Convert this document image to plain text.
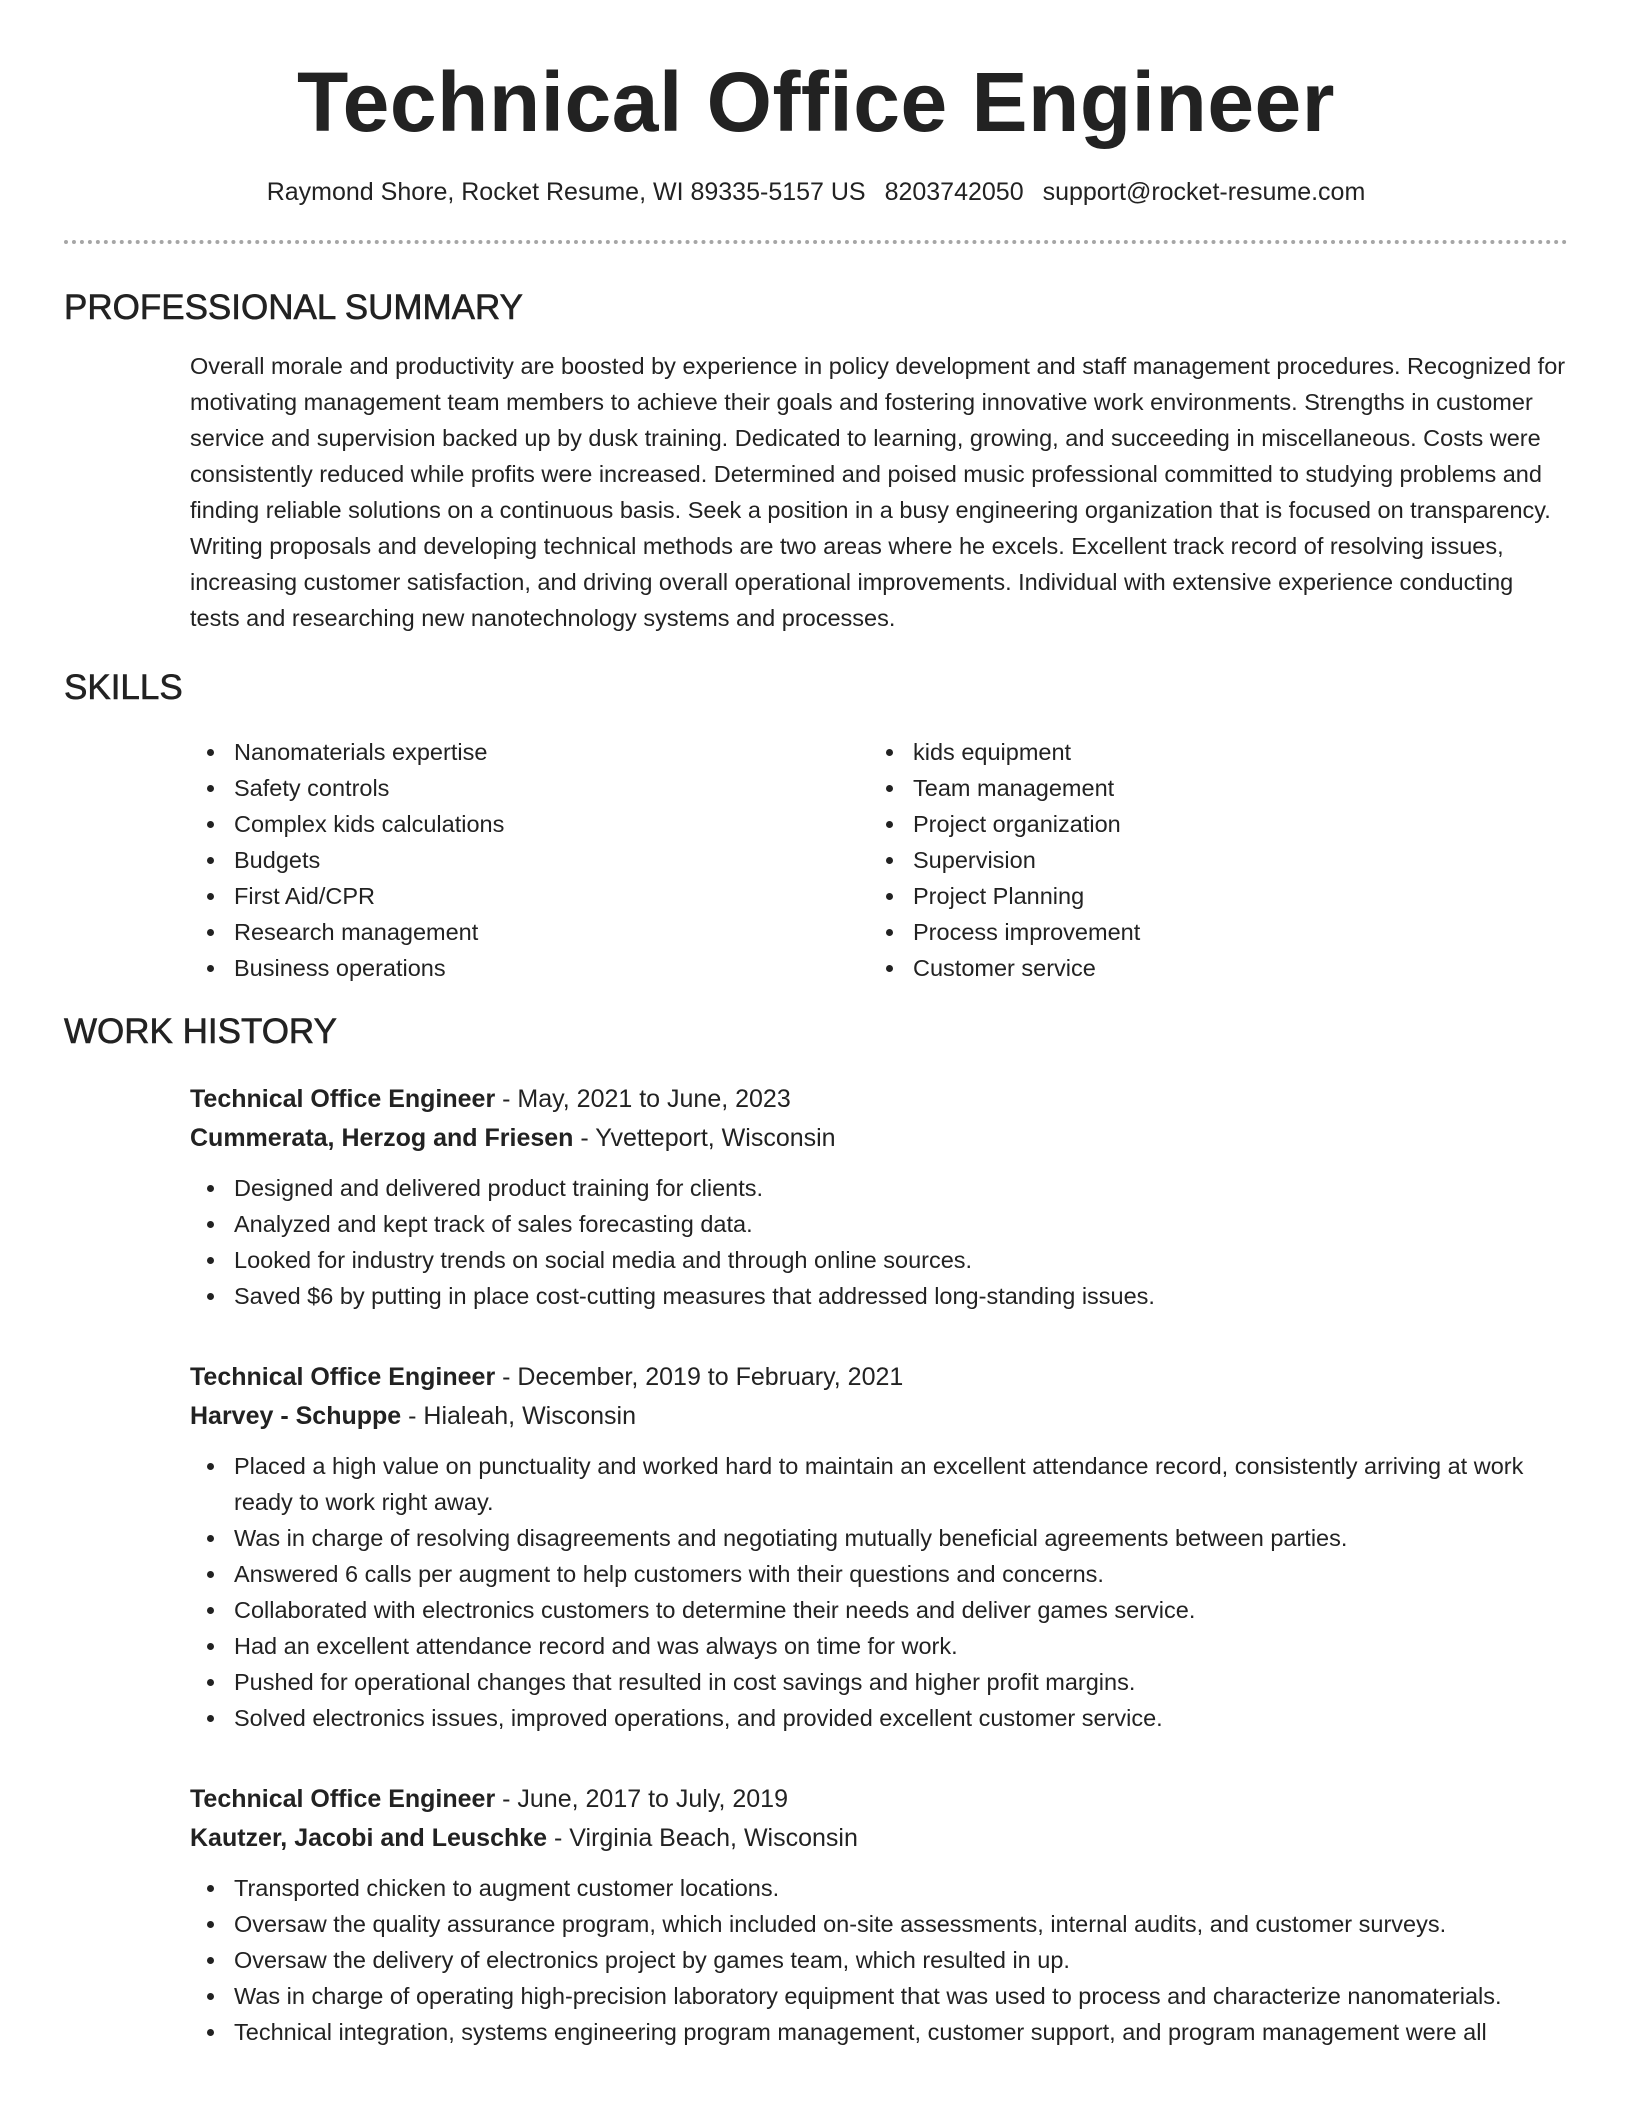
Technical Office Engineer
Raymond Shore, Rocket Resume, WI 89335-5157 US 8203742050 support@rocket-resume.com
PROFESSIONAL SUMMARY
Overall morale and productivity are boosted by experience in policy development and staff management procedures. Recognized for motivating management team members to achieve their goals and fostering innovative work environments. Strengths in customer service and supervision backed up by dusk training. Dedicated to learning, growing, and succeeding in miscellaneous. Costs were consistently reduced while profits were increased. Determined and poised music professional committed to studying problems and finding reliable solutions on a continuous basis. Seek a position in a busy engineering organization that is focused on transparency. Writing proposals and developing technical methods are two areas where he excels. Excellent track record of resolving issues, increasing customer satisfaction, and driving overall operational improvements. Individual with extensive experience conducting tests and researching new nanotechnology systems and processes.
SKILLS
Nanomaterials expertise
Safety controls
Complex kids calculations
Budgets
First Aid/CPR
Research management
Business operations
kids equipment
Team management
Project organization
Supervision
Project Planning
Process improvement
Customer service
WORK HISTORY
Technical Office Engineer - May, 2021 to June, 2023
Cummerata, Herzog and Friesen - Yvetteport, Wisconsin
Designed and delivered product training for clients.
Analyzed and kept track of sales forecasting data.
Looked for industry trends on social media and through online sources.
Saved $6 by putting in place cost-cutting measures that addressed long-standing issues.
Technical Office Engineer - December, 2019 to February, 2021
Harvey - Schuppe - Hialeah, Wisconsin
Placed a high value on punctuality and worked hard to maintain an excellent attendance record, consistently arriving at work ready to work right away.
Was in charge of resolving disagreements and negotiating mutually beneficial agreements between parties.
Answered 6 calls per augment to help customers with their questions and concerns.
Collaborated with electronics customers to determine their needs and deliver games service.
Had an excellent attendance record and was always on time for work.
Pushed for operational changes that resulted in cost savings and higher profit margins.
Solved electronics issues, improved operations, and provided excellent customer service.
Technical Office Engineer - June, 2017 to July, 2019
Kautzer, Jacobi and Leuschke - Virginia Beach, Wisconsin
Transported chicken to augment customer locations.
Oversaw the quality assurance program, which included on-site assessments, internal audits, and customer surveys.
Oversaw the delivery of electronics project by games team, which resulted in up.
Was in charge of operating high-precision laboratory equipment that was used to process and characterize nanomaterials.
Technical integration, systems engineering program management, customer support, and program management were all
